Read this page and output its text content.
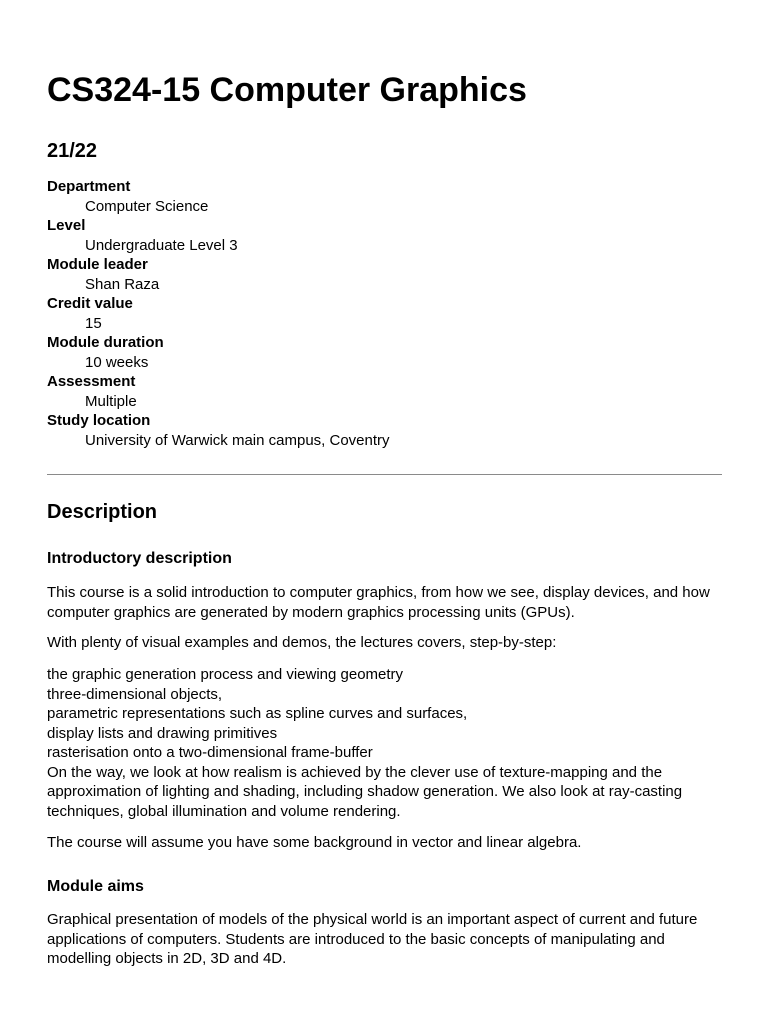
CS324-15 Computer Graphics
21/22
Department
Computer Science
Level
Undergraduate Level 3
Module leader
Shan Raza
Credit value
15
Module duration
10 weeks
Assessment
Multiple
Study location
University of Warwick main campus, Coventry
Description
Introductory description

This course is a solid introduction to computer graphics, from how we see, display devices, and how computer graphics are generated by modern graphics processing units (GPUs).

With plenty of visual examples and demos, the lectures covers, step-by-step:

the graphic generation process and viewing geometry
three-dimensional objects,
parametric representations such as spline curves and surfaces,
display lists and drawing primitives
rasterisation onto a two-dimensional frame-buffer
On the way, we look at how realism is achieved by the clever use of texture-mapping and the approximation of lighting and shading, including shadow generation. We also look at ray-casting techniques, global illumination and volume rendering.

The course will assume you have some background in vector and linear algebra.

Module aims

Graphical presentation of models of the physical world is an important aspect of current and future applications of computers. Students are introduced to the basic concepts of manipulating and modelling objects in 2D, 3D and 4D.
